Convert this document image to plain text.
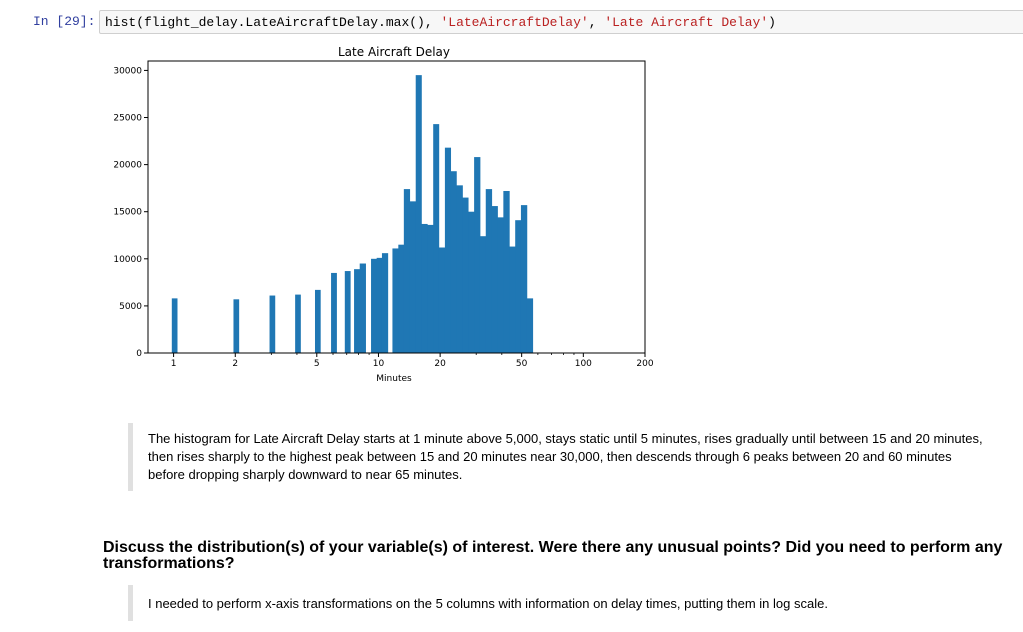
In [29]: hist(flight_delay.LateAircraftDelay.max(), 'LateAircraftDelay', 'Late Aircraft Delay')
Late Aircraft Delay
0
5000
10000
15000
20000
25000
30000
1	2	5	10	20	50	100	200
Minutes
The histogram for Late Aircraft Delay starts at 1 minute above 5,000, stays static until 5 minutes, rises gradually until between 15 and 20 minutes, then rises sharply to the highest peak between 15 and 20 minutes near 30,000, then descends through 6 peaks between 20 and 60 minutes before dropping sharply downward to near 65 minutes.
Discuss the distribution(s) of your variable(s) of interest. Were there any unusual points? Did you need to perform any transformations?
I needed to perform x-axis transformations on the 5 columns with information on delay times, putting them in log scale.
